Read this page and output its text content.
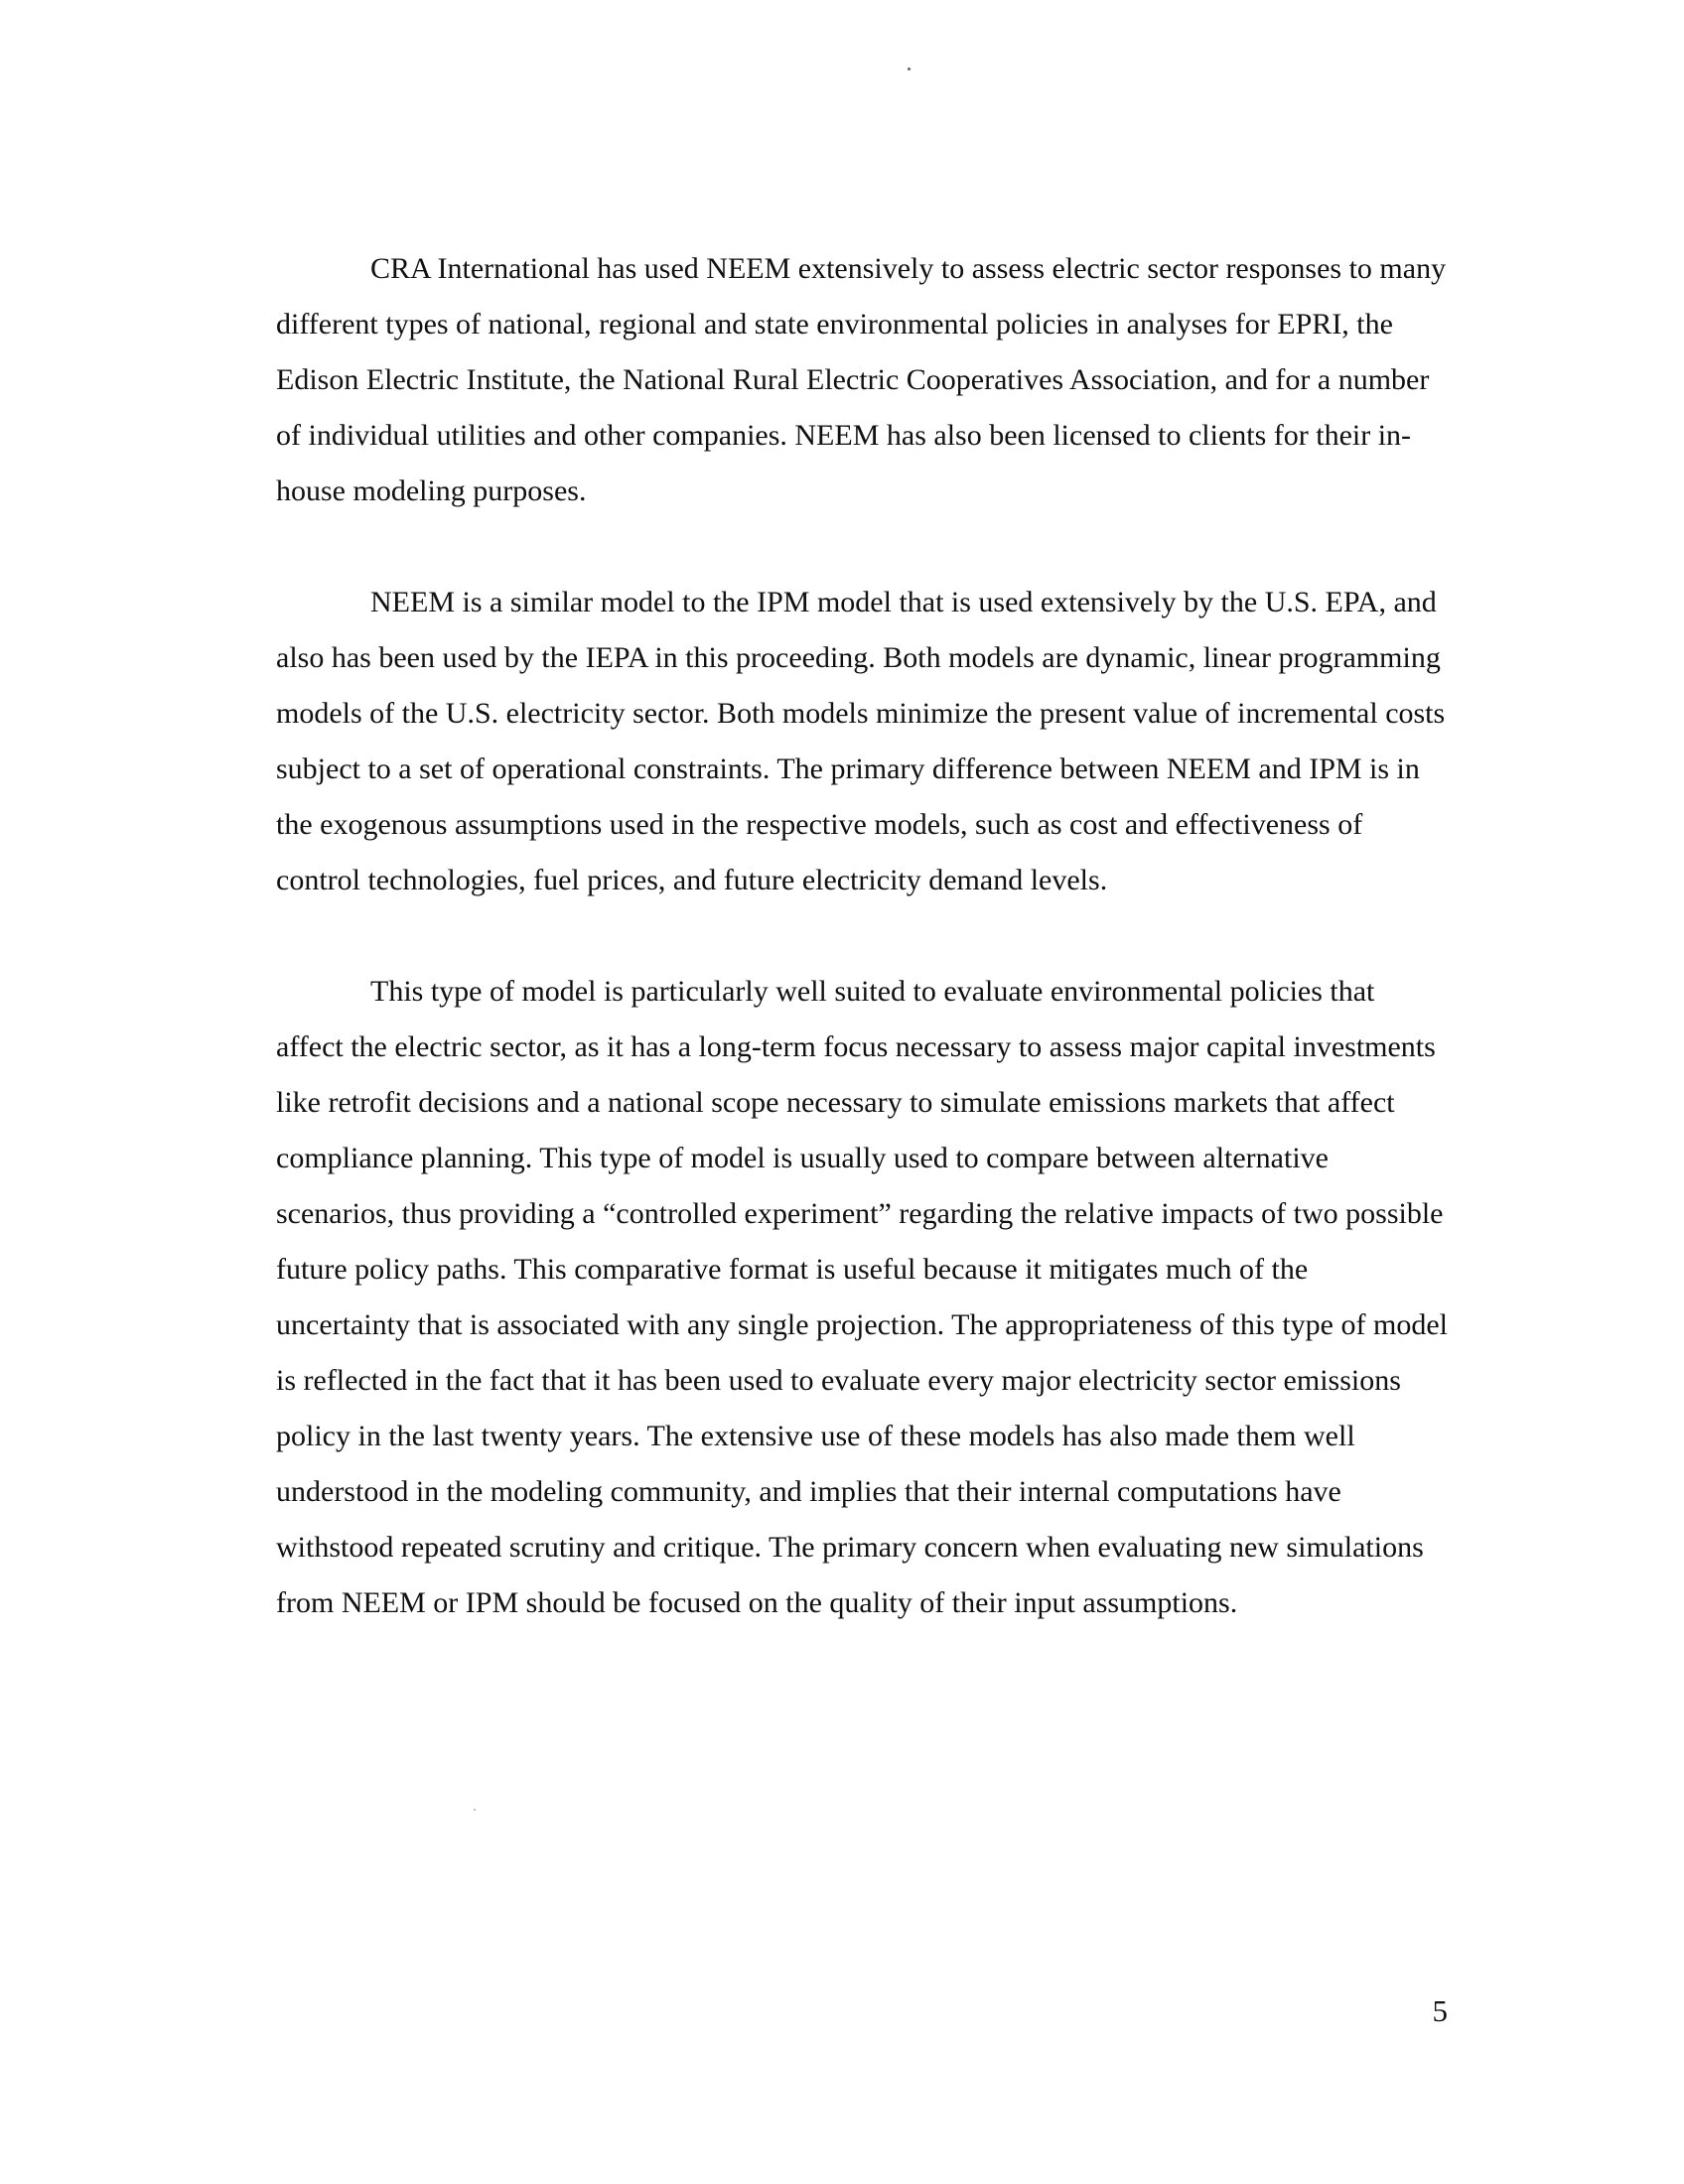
CRA International has used NEEM extensively to assess electric sector responses to many different types of national, regional and state environmental policies in analyses for EPRI, the Edison Electric Institute, the National Rural Electric Cooperatives Association, and for a number of individual utilities and other companies. NEEM has also been licensed to clients for their in-house modeling purposes.

NEEM is a similar model to the IPM model that is used extensively by the U.S. EPA, and also has been used by the IEPA in this proceeding. Both models are dynamic, linear programming models of the U.S. electricity sector. Both models minimize the present value of incremental costs subject to a set of operational constraints. The primary difference between NEEM and IPM is in the exogenous assumptions used in the respective models, such as cost and effectiveness of control technologies, fuel prices, and future electricity demand levels.

This type of model is particularly well suited to evaluate environmental policies that affect the electric sector, as it has a long-term focus necessary to assess major capital investments like retrofit decisions and a national scope necessary to simulate emissions markets that affect compliance planning. This type of model is usually used to compare between alternative scenarios, thus providing a “controlled experiment” regarding the relative impacts of two possible future policy paths. This comparative format is useful because it mitigates much of the uncertainty that is associated with any single projection. The appropriateness of this type of model is reflected in the fact that it has been used to evaluate every major electricity sector emissions policy in the last twenty years. The extensive use of these models has also made them well understood in the modeling community, and implies that their internal computations have withstood repeated scrutiny and critique. The primary concern when evaluating new simulations from NEEM or IPM should be focused on the quality of their input assumptions.

5
